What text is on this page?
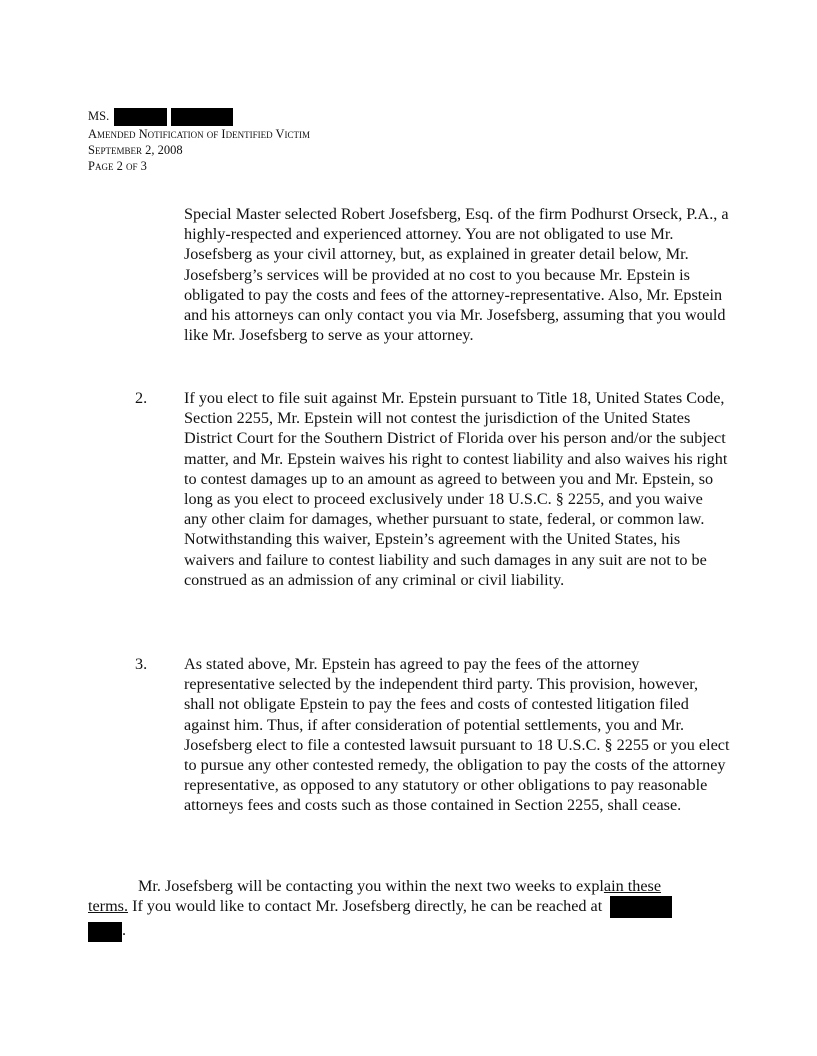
MS.
Amended Notification of Identified Victim
September 2, 2008
Page 2 of 3
Special Master selected Robert Josefsberg, Esq. of the firm Podhurst Orseck, P.A., a highly-respected and experienced attorney. You are not obligated to use Mr. Josefsberg as your civil attorney, but, as explained in greater detail below, Mr. Josefsberg’s services will be provided at no cost to you because Mr. Epstein is obligated to pay the costs and fees of the attorney-representative. Also, Mr. Epstein and his attorneys can only contact you via Mr. Josefsberg, assuming that you would like Mr. Josefsberg to serve as your attorney.
2. If you elect to file suit against Mr. Epstein pursuant to Title 18, United States Code, Section 2255, Mr. Epstein will not contest the jurisdiction of the United States District Court for the Southern District of Florida over his person and/or the subject matter, and Mr. Epstein waives his right to contest liability and also waives his right to contest damages up to an amount as agreed to between you and Mr. Epstein, so long as you elect to proceed exclusively under 18 U.S.C. § 2255, and you waive any other claim for damages, whether pursuant to state, federal, or common law. Notwithstanding this waiver, Epstein’s agreement with the United States, his waivers and failure to contest liability and such damages in any suit are not to be construed as an admission of any criminal or civil liability.
3. As stated above, Mr. Epstein has agreed to pay the fees of the attorney representative selected by the independent third party. This provision, however, shall not obligate Epstein to pay the fees and costs of contested litigation filed against him. Thus, if after consideration of potential settlements, you and Mr. Josefsberg elect to file a contested lawsuit pursuant to 18 U.S.C. § 2255 or you elect to pursue any other contested remedy, the obligation to pay the costs of the attorney representative, as opposed to any statutory or other obligations to pay reasonable attorneys fees and costs such as those contained in Section 2255, shall cease.
Mr. Josefsberg will be contacting you within the next two weeks to explain these
terms. If you would like to contact Mr. Josefsberg directly, he can be reached at
.
